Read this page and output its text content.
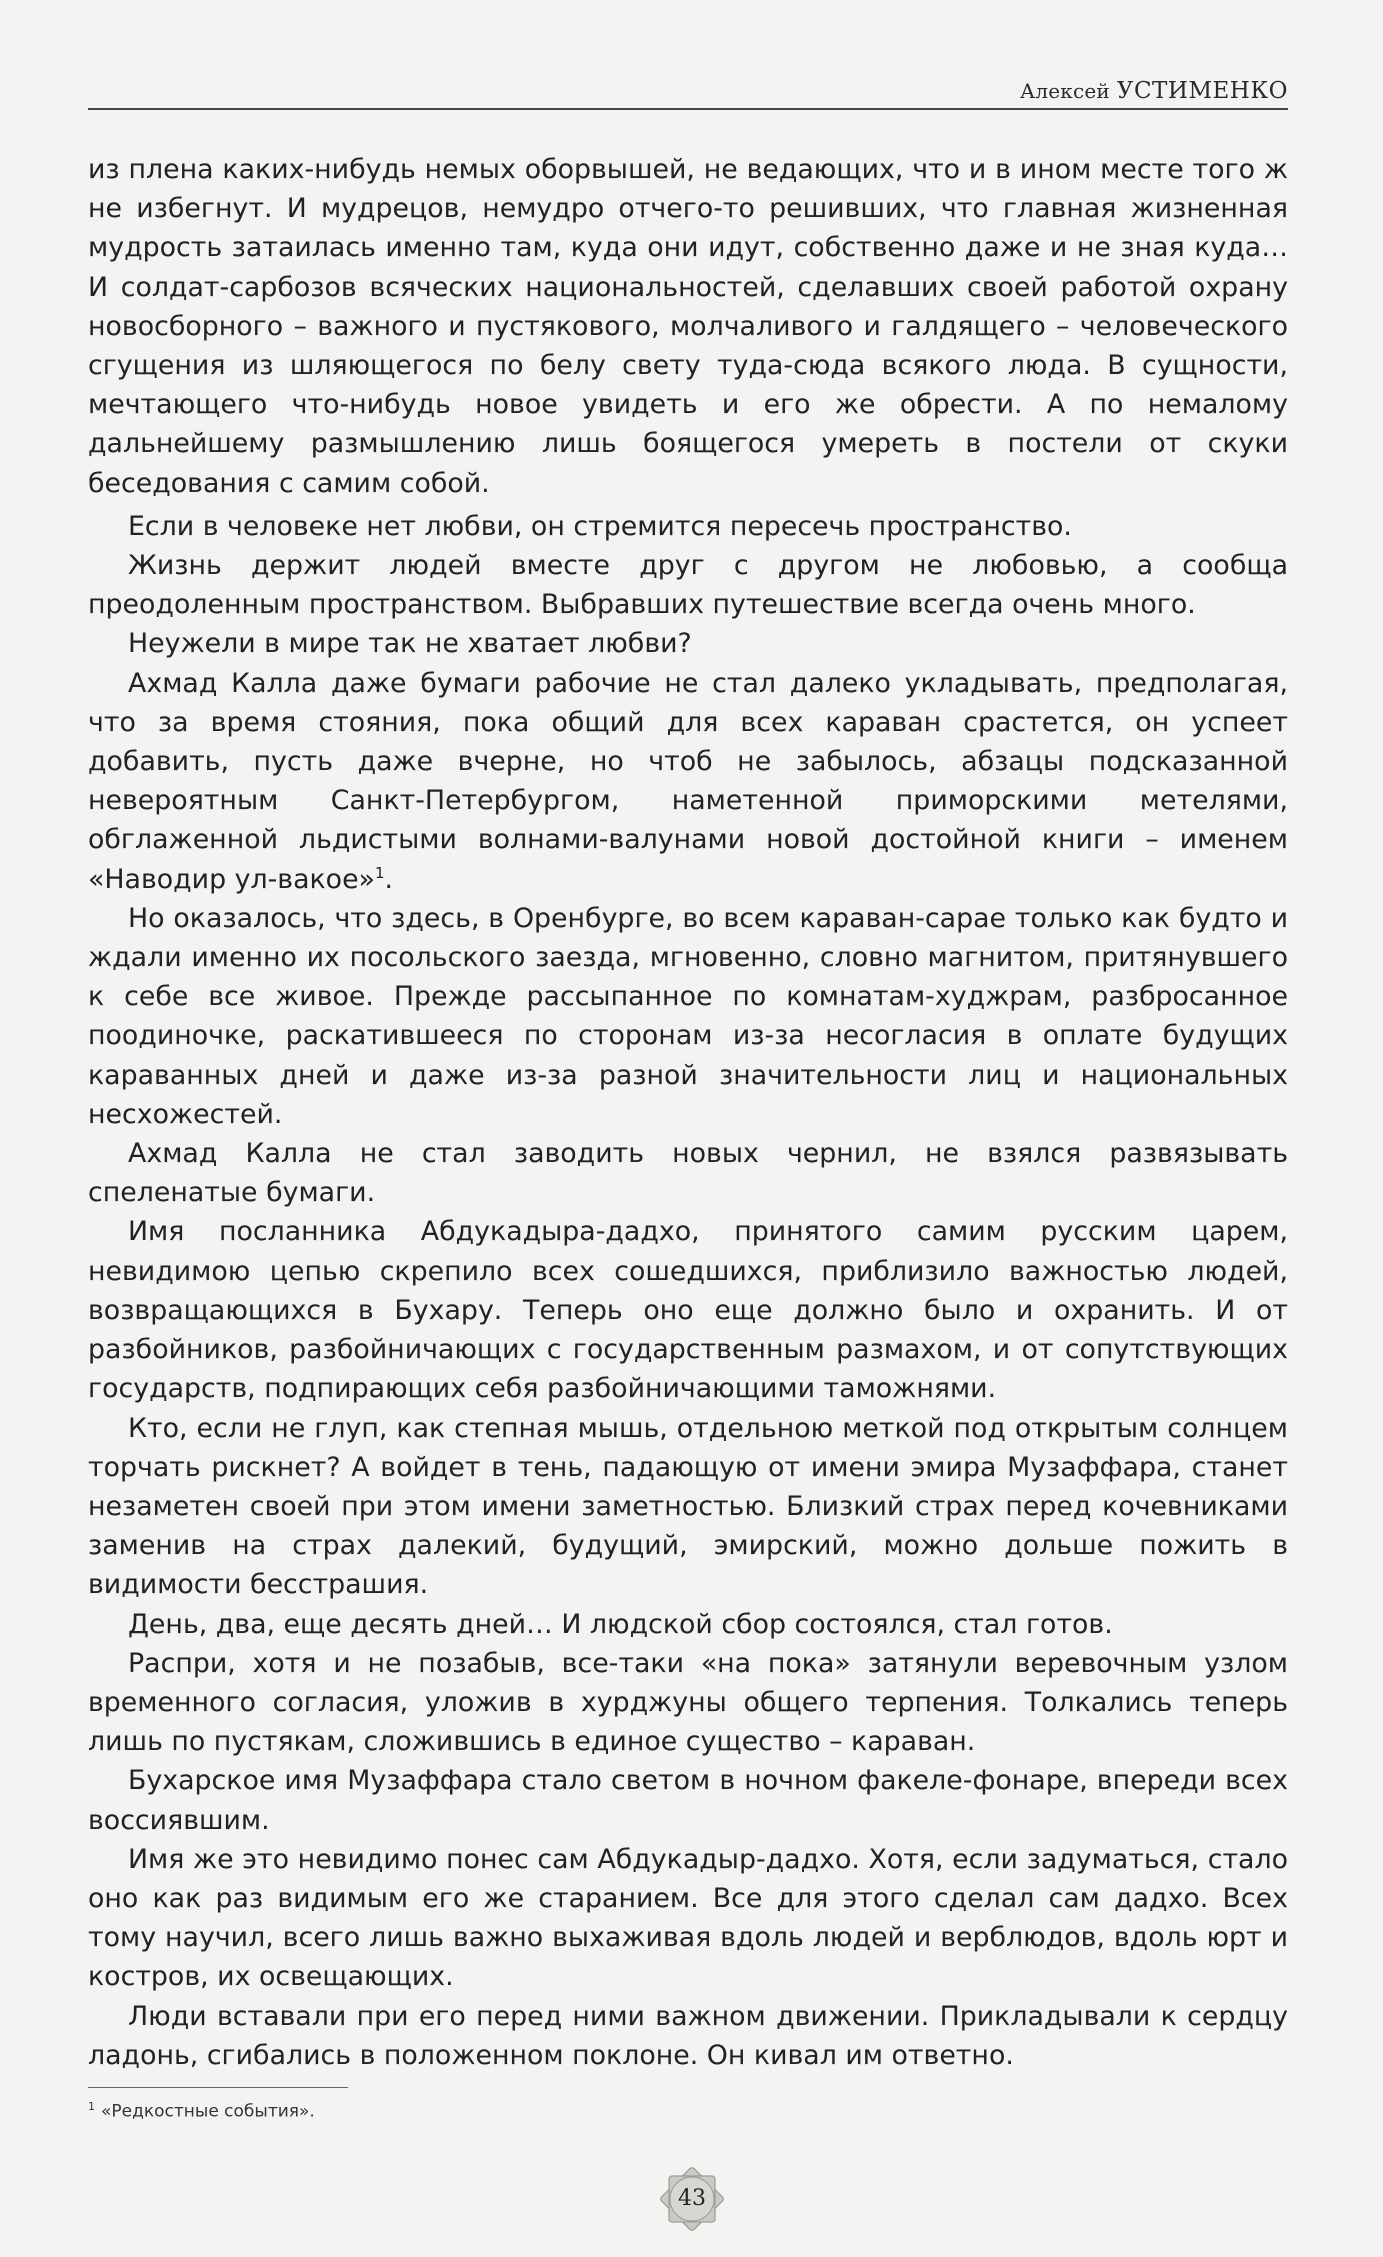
Алексей УСТИМЕНКО

из плена каких-нибудь немых оборвышей, не ведающих, что и в ином месте того ж не избегнут. И мудрецов, немудро отчего-то решивших, что главная жизненная мудрость затаилась именно там, куда они идут, собственно даже и не зная куда… И солдат-сарбозов всяческих национальностей, сделавших своей работой охрану новосборного – важного и пустякового, молчаливого и галдящего – человеческого сгущения из шляющегося по белу свету туда-сюда всякого люда. В сущности, мечтающего что-нибудь новое увидеть и его же обрести. А по немалому дальнейшему размышлению лишь боящегося умереть в постели от скуки беседования с самим собой.

Если в человеке нет любви, он стремится пересечь пространство.

Жизнь держит людей вместе друг с другом не любовью, а сообща преодоленным пространством. Выбравших путешествие всегда очень много.

Неужели в мире так не хватает любви?

Ахмад Калла даже бумаги рабочие не стал далеко укладывать, предполагая, что за время стояния, пока общий для всех караван срастется, он успеет добавить, пусть даже вчерне, но чтоб не забылось, абзацы подсказанной невероятным Санкт-Петербургом, наметенной приморскими метелями, обглаженной льдистыми волнами-валунами новой достойной книги – именем «Наводир ул-вакое»$^1$.

Но оказалось, что здесь, в Оренбурге, во всем караван-сарае только как будто и ждали именно их посольского заезда, мгновенно, словно магнитом, притянувшего к себе все живое. Прежде рассыпанное по комнатам-худжрам, разбросанное поодиночке, раскатившееся по сторонам из-за несогласия в оплате будущих караванных дней и даже из-за разной значительности лиц и национальных несхожестей.

Ахмад Калла не стал заводить новых чернил, не взялся развязывать спеленатые бумаги.

Имя посланника Абдукадыра-дадхо, принятого самим русским царем, невидимою цепью скрепило всех сошедшихся, приблизило важностью людей, возвращающихся в Бухару. Теперь оно еще должно было и охранить. И от разбойников, разбойничающих с государственным размахом, и от сопутствующих государств, подпирающих себя разбойничающими таможнями.

Кто, если не глуп, как степная мышь, отдельною меткой под открытым солнцем торчать рискнет? А войдет в тень, падающую от имени эмира Музаффара, станет незаметен своей при этом имени заметностью. Близкий страх перед кочевниками заменив на страх далекий, будущий, эмирский, можно дольше пожить в видимости бесстрашия.

День, два, еще десять дней… И людской сбор состоялся, стал готов.

Распри, хотя и не позабыв, все-таки «на пока» затянули веревочным узлом временного согласия, уложив в хурджуны общего терпения. Толкались теперь лишь по пустякам, сложившись в единое существо – караван.

Бухарское имя Музаффара стало светом в ночном факеле-фонаре, впереди всех воссиявшим.

Имя же это невидимо понес сам Абдукадыр-дадхо. Хотя, если задуматься, стало оно как раз видимым его же старанием. Все для этого сделал сам дадхо. Всех тому научил, всего лишь важно выхаживая вдоль людей и верблюдов, вдоль юрт и костров, их освещающих.

Люди вставали при его перед ними важном движении. Прикладывали к сердцу ладонь, сгибались в положенном поклоне. Он кивал им ответно.

$^1$ «Редкостные события».
43
